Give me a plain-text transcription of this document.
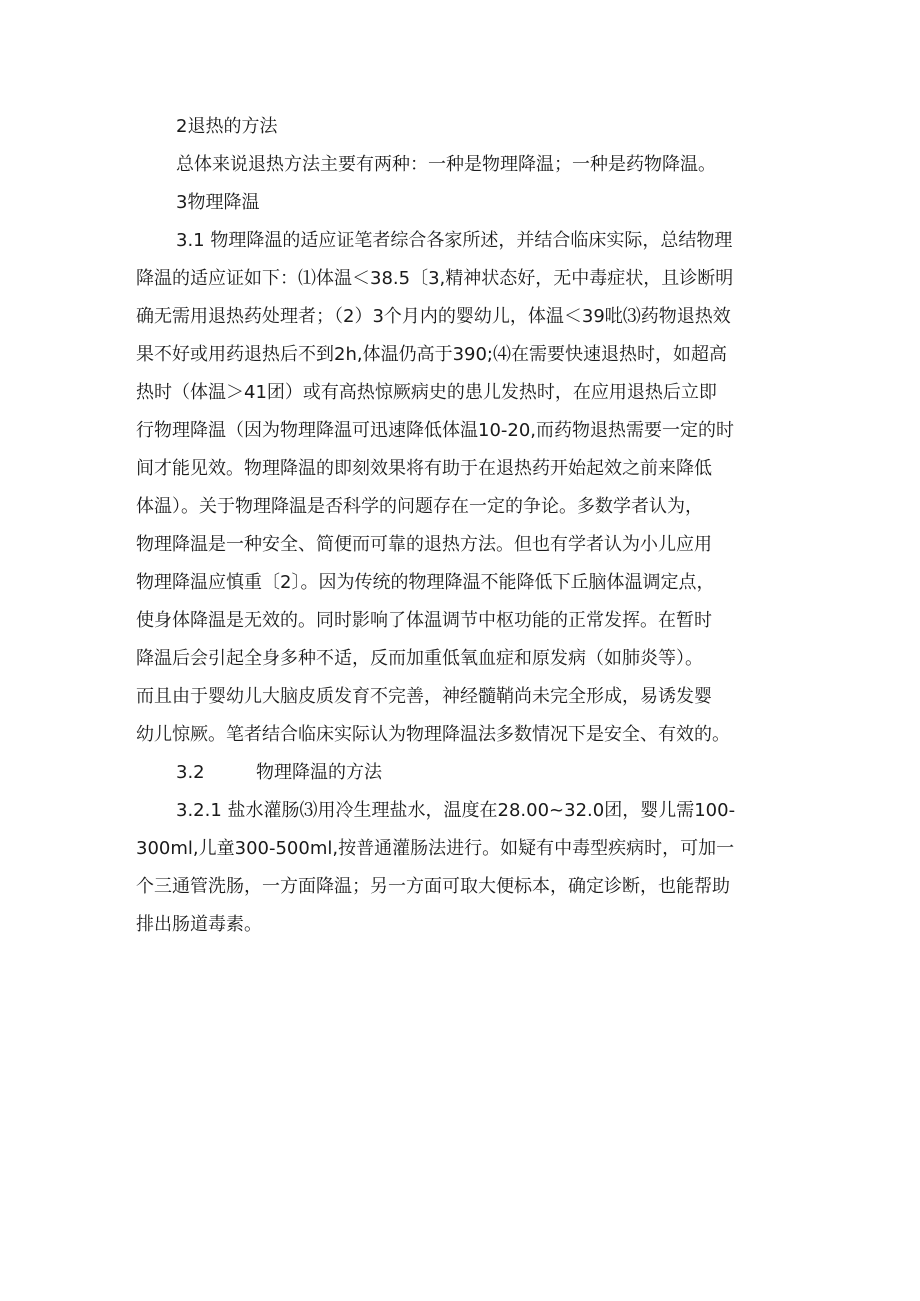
2退热的方法

总体来说退热方法主要有两种：一种是物理降温；一种是药物降温。

3物理降温

3.1 物理降温的适应证笔者综合各家所述，并结合临床实际，总结物理

降温的适应证如下：⑴体温＜38.5〔3,精神状态好，无中毒症状，且诊断明

确无需用退热药处理者；（2）3个月内的婴幼儿，体温＜39吡⑶药物退热效

果不好或用药退热后不到2h,体温仍高于390;⑷在需要快速退热时，如超高

热时（体温＞41团）或有高热惊厥病史的患儿发热时，在应用退热后立即

行物理降温（因为物理降温可迅速降低体温10-20,而药物退热需要一定的时

间才能见效。物理降温的即刻效果将有助于在退热药开始起效之前来降低

体温）。关于物理降温是否科学的问题存在一定的争论。多数学者认为，

物理降温是一种安全、简便而可靠的退热方法。但也有学者认为小儿应用

物理降温应慎重〔2〕。因为传统的物理降温不能降低下丘脑体温调定点，

使身体降温是无效的。同时影响了体温调节中枢功能的正常发挥。在暂时

降温后会引起全身多种不适，反而加重低氧血症和原发病（如肺炎等）。

而且由于婴幼儿大脑皮质发育不完善，神经髓鞘尚未完全形成，易诱发婴

幼儿惊厥。笔者结合临床实际认为物理降温法多数情况下是安全、有效的。

3.2	物理降温的方法

3.2.1 盐水灌肠⑶用冷生理盐水，温度在28.00~32.0团，婴儿需100-

300ml,儿童300-500ml,按普通灌肠法进行。如疑有中毒型疾病时，可加一

个三通管洗肠，一方面降温；另一方面可取大便标本，确定诊断，也能帮助

排出肠道毒素。
